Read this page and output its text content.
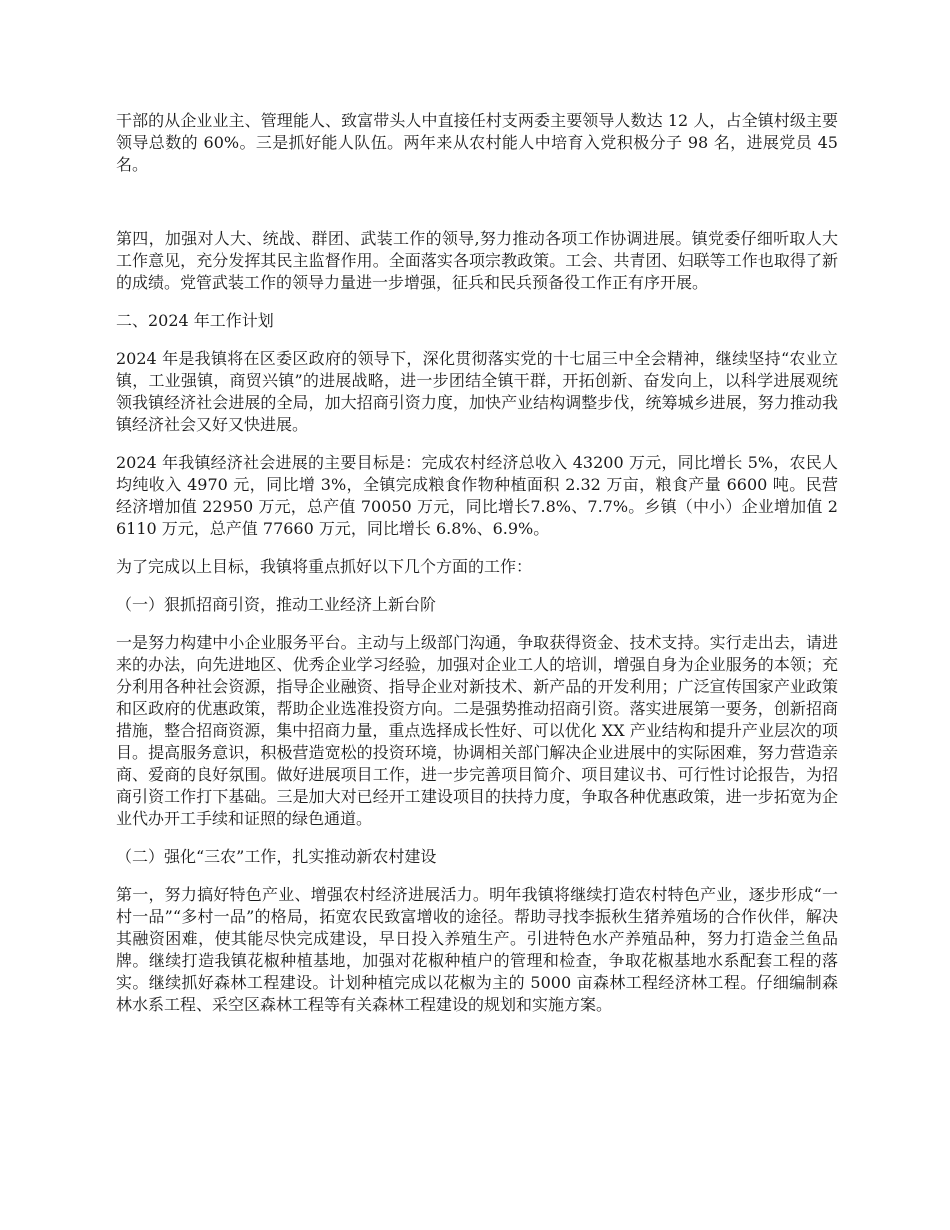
干部的从企业业主、管理能人、致富带头人中直接任村支两委主要领导人数达 12 人，占全镇村级主要领导总数的 60%。三是抓好能人队伍。两年来从农村能人中培育入党积极分子 98 名，进展党员 45 名。

第四，加强对人大、统战、群团、武装工作的领导,努力推动各项工作协调进展。镇党委仔细听取人大工作意见，充分发挥其民主监督作用。全面落实各项宗教政策。工会、共青团、妇联等工作也取得了新的成绩。党管武装工作的领导力量进一步增强，征兵和民兵预备役工作正有序开展。

二、2024 年工作计划

2024 年是我镇将在区委区政府的领导下，深化贯彻落实党的十七届三中全会精神，继续坚持“农业立镇，工业强镇，商贸兴镇”的进展战略，进一步团结全镇干群，开拓创新、奋发向上，以科学进展观统领我镇经济社会进展的全局，加大招商引资力度，加快产业结构调整步伐，统筹城乡进展，努力推动我镇经济社会又好又快进展。

2024 年我镇经济社会进展的主要目标是：完成农村经济总收入 43200 万元，同比增长 5%，农民人均纯收入 4970 元，同比增 3%，全镇完成粮食作物种植面积 2.32 万亩，粮食产量 6600 吨。民营经济增加值 22950 万元，总产值 70050 万元，同比增长7.8%、7.7%。乡镇（中小）企业增加值 26110 万元，总产值 77660 万元，同比增长 6.8%、6.9%。

为了完成以上目标，我镇将重点抓好以下几个方面的工作：

（一）狠抓招商引资，推动工业经济上新台阶

一是努力构建中小企业服务平台。主动与上级部门沟通，争取获得资金、技术支持。实行走出去，请进来的办法，向先进地区、优秀企业学习经验，加强对企业工人的培训，增强自身为企业服务的本领；充分利用各种社会资源，指导企业融资、指导企业对新技术、新产品的开发利用；广泛宣传国家产业政策和区政府的优惠政策，帮助企业选准投资方向。二是强势推动招商引资。落实进展第一要务，创新招商措施，整合招商资源，集中招商力量，重点选择成长性好、可以优化 XX 产业结构和提升产业层次的项目。提高服务意识，积极营造宽松的投资环境，协调相关部门解决企业进展中的实际困难，努力营造亲商、爱商的良好氛围。做好进展项目工作，进一步完善项目简介、项目建议书、可行性讨论报告，为招商引资工作打下基础。三是加大对已经开工建设项目的扶持力度，争取各种优惠政策，进一步拓宽为企业代办开工手续和证照的绿色通道。

（二）强化“三农”工作，扎实推动新农村建设

第一，努力搞好特色产业、增强农村经济进展活力。明年我镇将继续打造农村特色产业，逐步形成“一村一品”“多村一品”的格局，拓宽农民致富增收的途径。帮助寻找李振秋生猪养殖场的合作伙伴，解决其融资困难，使其能尽快完成建设，早日投入养殖生产。引进特色水产养殖品种，努力打造金兰鱼品牌。继续打造我镇花椒种植基地，加强对花椒种植户的管理和检查，争取花椒基地水系配套工程的落实。继续抓好森林工程建设。计划种植完成以花椒为主的 5000 亩森林工程经济林工程。仔细编制森林水系工程、采空区森林工程等有关森林工程建设的规划和实施方案。
